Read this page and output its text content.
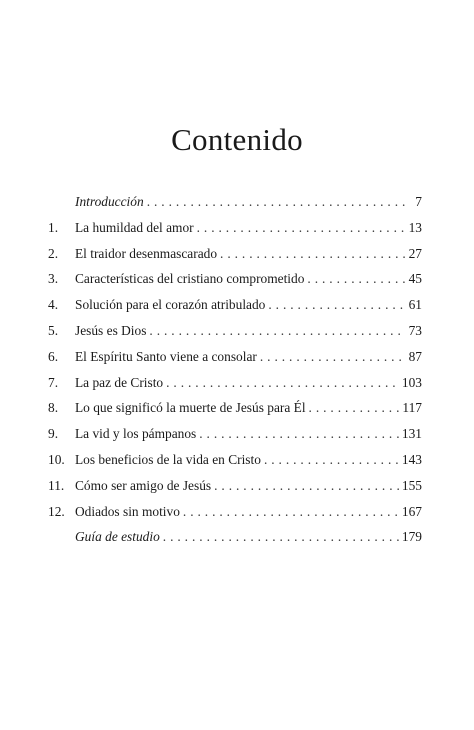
Contenido
Introducción . . .	7
1.	La humildad del amor . . .	13
2.	El traidor desenmascarado . . .	27
3.	Características del cristiano comprometido . . .	45
4.	Solución para el corazón atribulado . . .	61
5.	Jesús es Dios . . .	73
6.	El Espíritu Santo viene a consolar . . .	87
7.	La paz de Cristo . . .	103
8.	Lo que significó la muerte de Jesús para Él . . .	117
9.	La vid y los pámpanos . . .	131
10. Los beneficios de la vida en Cristo . . .	143
11. Cómo ser amigo de Jesús . . .	155
12. Odiados sin motivo . . .	167
Guía de estudio . . .	179
